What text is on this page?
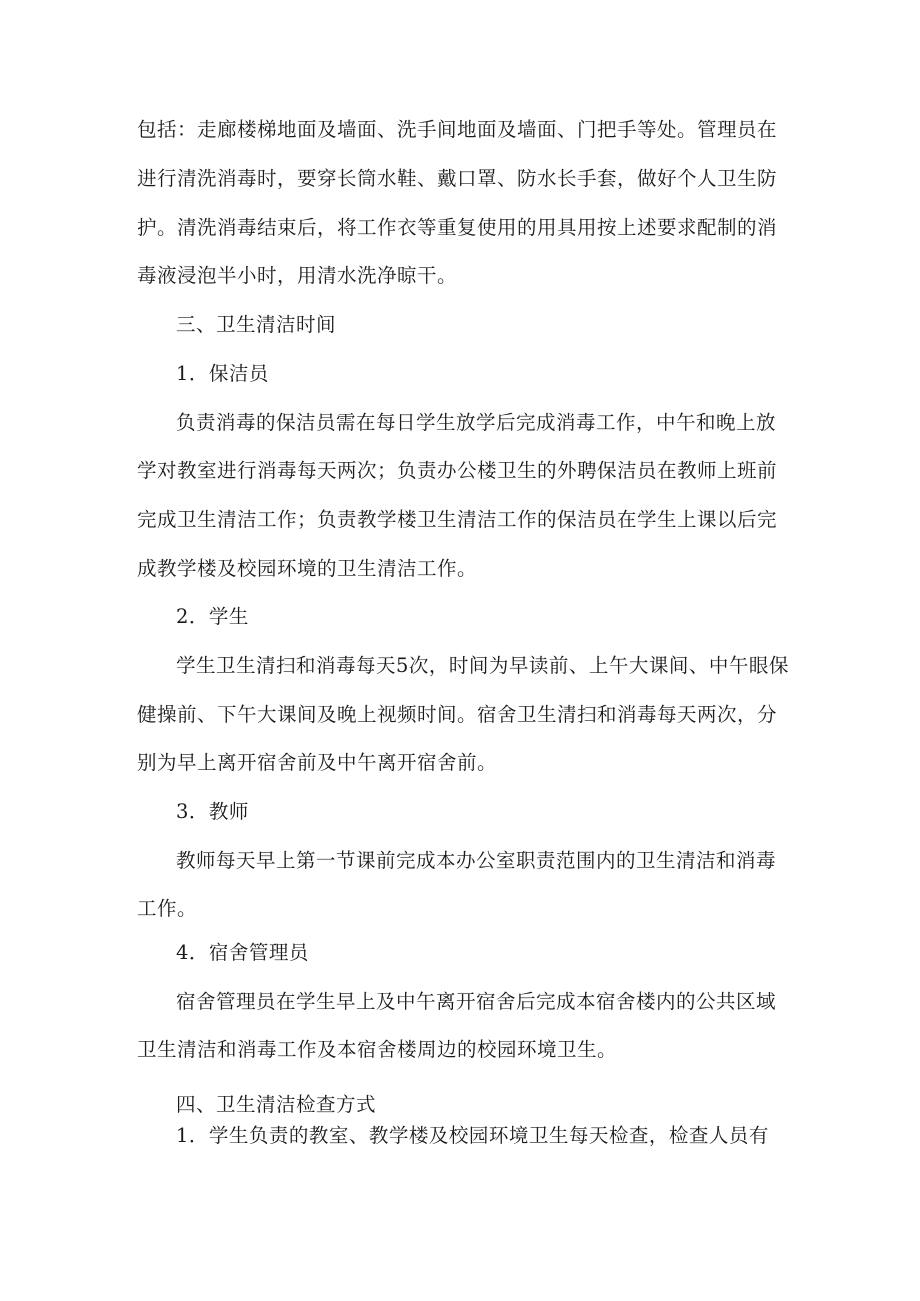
包括：走廊楼梯地面及墙面、洗手间地面及墙面、门把手等处。管理员在
进行清洗消毒时，要穿长筒水鞋、戴口罩、防水长手套，做好个人卫生防
护。清洗消毒结束后，将工作衣等重复使用的用具用按上述要求配制的消
毒液浸泡半小时，用清水洗净晾干。
三、卫生清洁时间
1．保洁员
负责消毒的保洁员需在每日学生放学后完成消毒工作，中午和晚上放
学对教室进行消毒每天两次；负责办公楼卫生的外聘保洁员在教师上班前
完成卫生清洁工作；负责教学楼卫生清洁工作的保洁员在学生上课以后完
成教学楼及校园环境的卫生清洁工作。
2．学生
学生卫生清扫和消毒每天5次，时间为早读前、上午大课间、中午眼保
健操前、下午大课间及晚上视频时间。宿舍卫生清扫和消毒每天两次，分
别为早上离开宿舍前及中午离开宿舍前。
3．教师
教师每天早上第一节课前完成本办公室职责范围内的卫生清洁和消毒
工作。
4．宿舍管理员
宿舍管理员在学生早上及中午离开宿舍后完成本宿舍楼内的公共区域
卫生清洁和消毒工作及本宿舍楼周边的校园环境卫生。
四、卫生清洁检查方式
1．学生负责的教室、教学楼及校园环境卫生每天检查，检查人员有
